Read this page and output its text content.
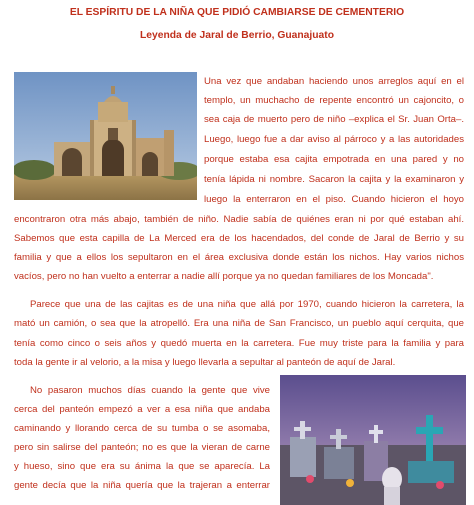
EL ESPÍRITU DE LA NIÑA QUE PIDIÓ CAMBIARSE DE CEMENTERIO
Leyenda de Jaral de Berrio, Guanajuato
Una vez que andaban haciendo unos arreglos aquí en el
templo, un muchacho de repente encontró un cajoncito, o
sea caja de muerto pero de niño –explica el Sr. Juan Orta–.
Luego, luego fue a dar aviso al párroco y a las autoridades
porque estaba esa cajita empotrada en una pared y no
tenía lápida ni nombre. Sacaron la cajita y la examinaron y
luego la enterraron en el piso. Cuando hicieron el hoyo
encontraron otra más abajo, también de niño. Nadie sabía de quiénes eran ni por qué estaban ahí.
Sabemos que esta capilla de La Merced era de los hacendados, del conde de Jaral de Berrio y su
familia y que a ellos los sepultaron en el área exclusiva donde están los nichos. Hay varios nichos
vacíos, pero no han vuelto a enterrar a nadie allí porque ya no quedan familiares de los Moncada".
Parece que una de las cajitas es de una niña que allá por 1970, cuando hicieron la carretera, la
mató un camión, o sea que la atropelló. Era una niña de San Francisco, un pueblo aquí cerquita, que
tenía como cinco o seis años y quedó muerta en la carretera. Fue muy triste para la familia y para
toda la gente ir al velorio, a la misa y luego llevarla a sepultar al panteón de aquí de Jaral.
No pasaron muchos días cuando la gente que vive
cerca del panteón empezó a ver a esa niña que andaba
caminando y llorando cerca de su tumba o se asomaba,
pero sin salirse del panteón; no es que la vieran de carne
y hueso, sino que era su ánima la que se aparecía. La
gente decía que la niña quería que la trajeran a enterrar
